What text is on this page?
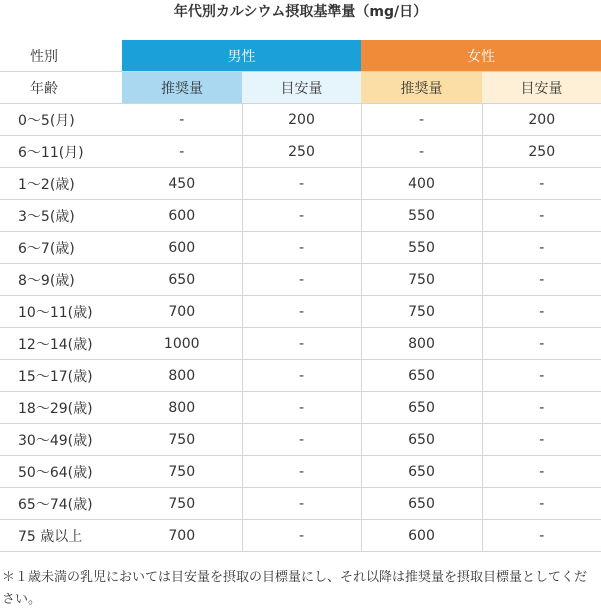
年代別カルシウム摂取基準量（mg/日）
性別	男性		女性	
年齢	推奨量	目安量	推奨量	目安量
0〜5(月)	-	200	-	200
6〜11(月)	-	250	-	250
1〜2(歳)	450	-	400	-
3〜5(歳)	600	-	550	-
6〜7(歳)	600	-	550	-
8〜9(歳)	650	-	750	-
10〜11(歳)	700	-	750	-
12〜14(歳)	1000	-	800	-
15〜17(歳)	800	-	650	-
18〜29(歳)	800	-	650	-
30〜49(歳)	750	-	650	-
50〜64(歳)	750	-	650	-
65〜74(歳)	750	-	650	-
75 歳以上	700	-	600	-
＊１歳未満の乳児においては目安量を摂取の目標量にし、それ以降は推奨量を摂取目標量としてください。
